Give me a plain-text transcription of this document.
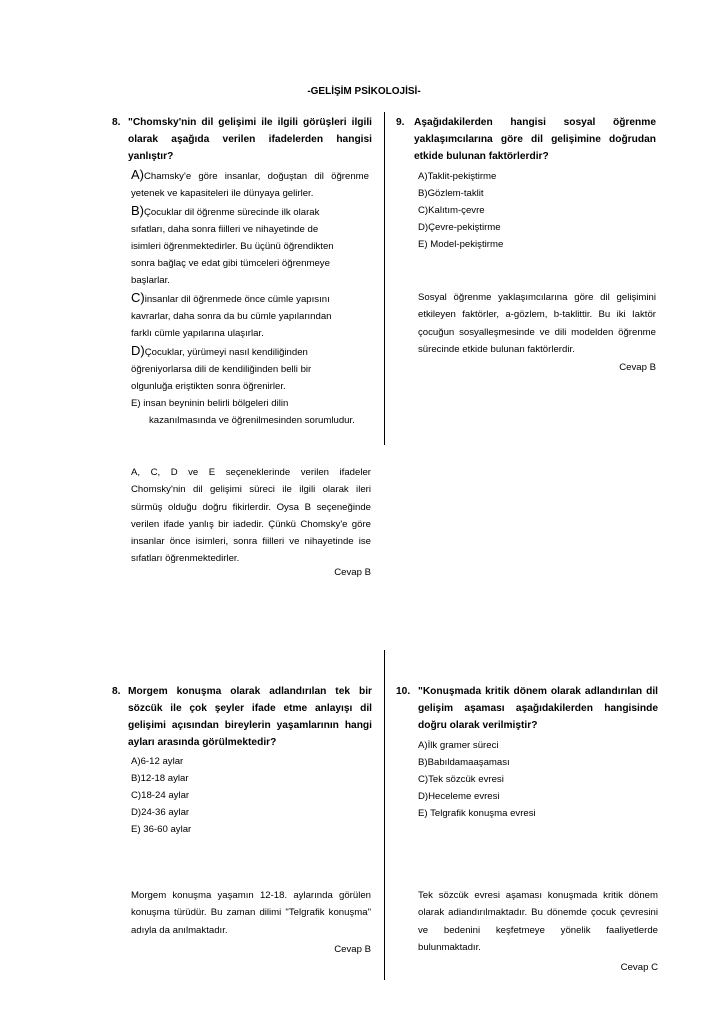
-GELİŞİM PSİKOLOJİSİ-
8. "Chomsky'nin dil gelişimi ile ilgili görüşleri ilgili olarak aşağıda verilen ifadelerden hangisi yanlıştır?
A)Chamsky'e göre insanlar, doğuştan dil öğrenme yetenek ve kapasiteleri ile dünyaya gelirler.
B)Çocuklar dil öğrenme sürecinde ilk olarak
sıfatları, daha sonra fiilleri ve nihayetinde de
isimleri öğrenmektedirler. Bu üçünü öğrendikten
sonra bağlaç ve edat gibi tümceleri öğrenmeye
başlarlar.
C)insanlar dil öğrenmede önce cümle yapısını
kavrarlar, daha sonra da bu cümle yapılarından
farklı cümle yapılarına ulaşırlar.
D)Çocuklar, yürümeyi nasıl kendiliğinden
öğreniyorlarsa dili de kendiliğinden belli bir
olgunluğa eriştikten sonra öğrenirler.
E) insan beyninin belirli bölgeleri dilin
kazanılmasında ve öğrenilmesinden sorumludur.
A, C, D ve E seçeneklerinde verilen ifadeler Chomsky'nin dil gelişimi süreci ile ilgili olarak ileri sürmüş olduğu doğru fikirlerdir. Oysa B seçeneğinde verilen ifade yanlış bir iadedir. Çünkü Chomsky'e göre insanlar önce isimleri, sonra fiilleri ve nihayetinde ise sıfatları öğrenmektedirler.
Cevap B
9. Aşağıdakilerden hangisi sosyal öğrenme yaklaşımcılarına göre dil gelişimine doğrudan etkide bulunan faktörlerdir?
A)Taklit-pekiştirme
B)Gözlem-taklit
C)Kalıtım-çevre
D)Çevre-pekiştirme
E) Model-pekiştirme
Sosyal öğrenme yaklaşımcılarına göre dil gelişimini etkileyen faktörler, a-gözlem, b-taklittir. Bu iki Iaktör çocuğun sosyalleşmesinde ve dili modelden öğrenme sürecinde etkide bulunan faktörlerdir.
Cevap B
8. Morgem konuşma olarak adlandırılan tek bir sözcük ile çok şeyler ifade etme anlayışı dil gelişimi açısından bireylerin yaşamlarının hangi ayları arasında görülmektedir?
A)6-12 aylar
B)12-18 aylar
C)18-24 aylar
D)24-36 aylar
E) 36-60 aylar
Morgem konuşma yaşamın 12-18. aylarında görülen konuşma türüdür. Bu zaman dilimi "Telgrafik konuşma" adıyla da anılmaktadır.
Cevap B
10. "Konuşmada kritik dönem olarak adlandırılan dil gelişim aşaması aşağıdakilerden hangisinde doğru olarak verilmiştir?
A)İlk gramer süreci
B)Babıldamaaşaması
C)Tek sözcük evresi
D)Heceleme evresi
E) Telgrafik konuşma evresi
Tek sözcük evresi aşaması konuşmada kritik dönem olarak adiandırılmaktadır. Bu dönemde çocuk çevresini ve bedenini keşfetmeye yönelik faaliyetlerde bulunmaktadır.
Cevap C
